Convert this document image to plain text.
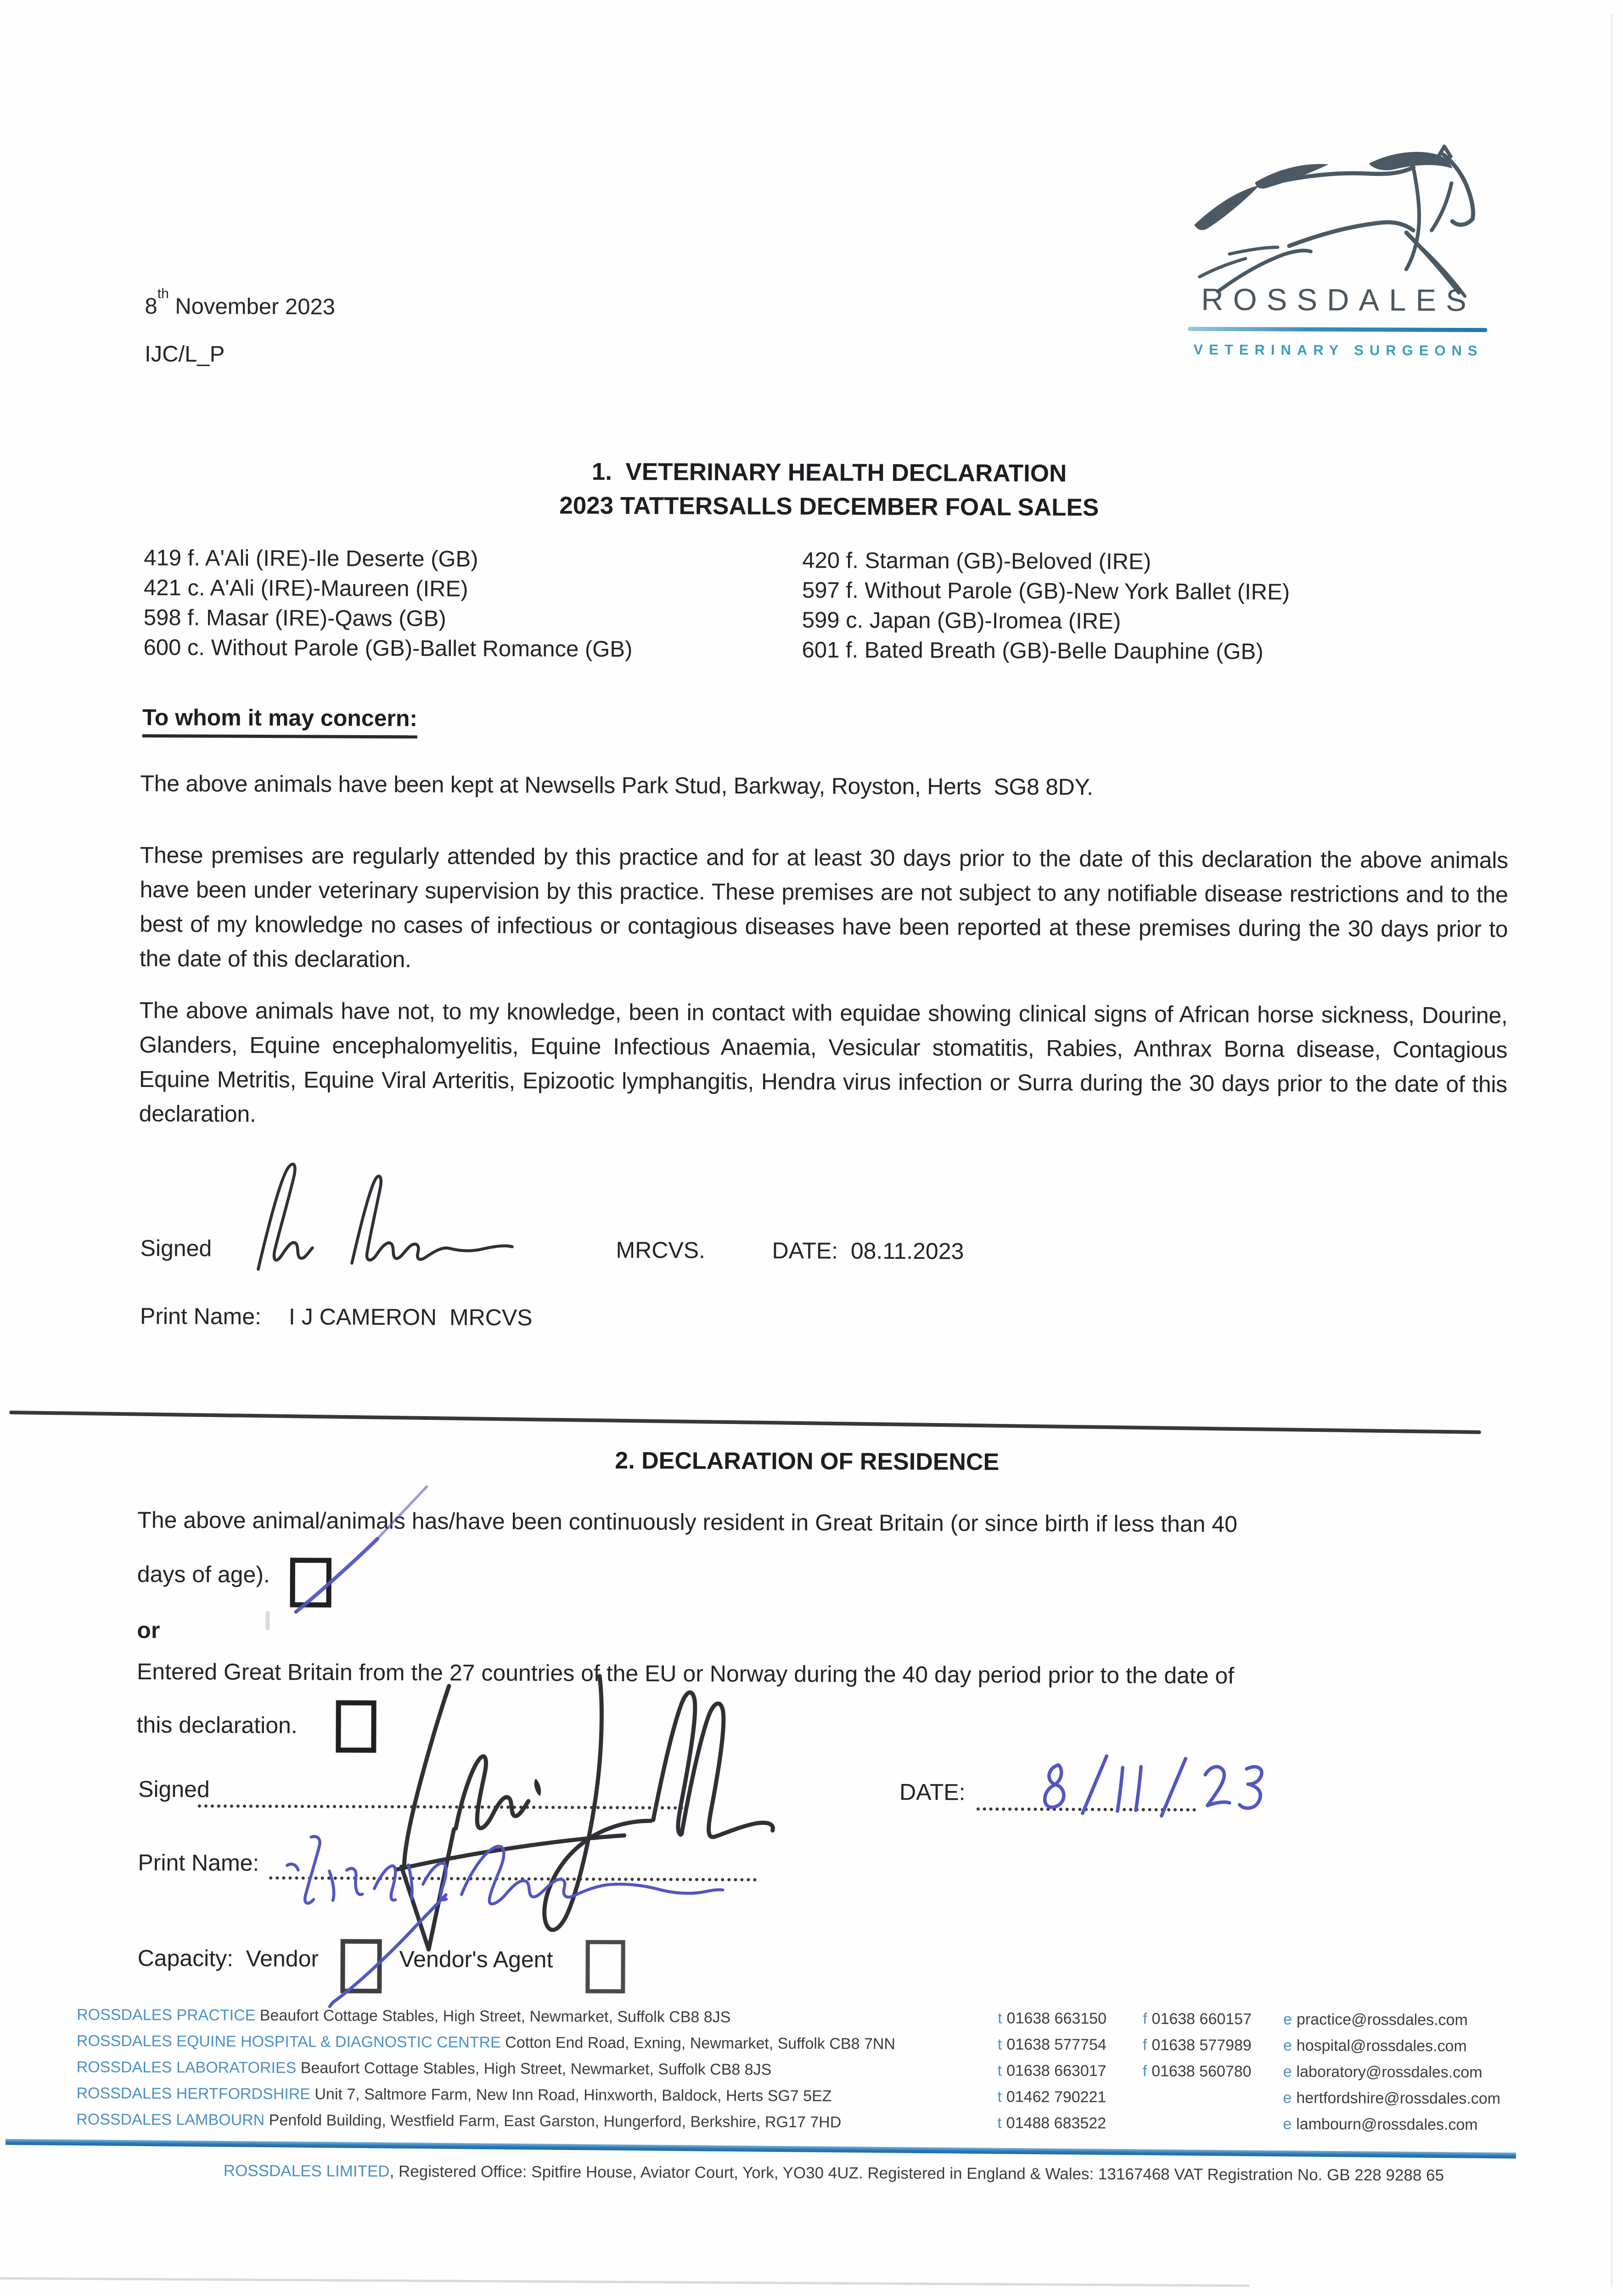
8th November 2023
IJC/L_P
ROSSDALES
VETERINARY SURGEONS
1.  VETERINARY HEALTH DECLARATION
2023 TATTERSALLS DECEMBER FOAL SALES
419 f. A'Ali (IRE)-Ile Deserte (GB)
421 c. A'Ali (IRE)-Maureen (IRE)
598 f. Masar (IRE)-Qaws (GB)
600 c. Without Parole (GB)-Ballet Romance (GB)
420 f. Starman (GB)-Beloved (IRE)
597 f. Without Parole (GB)-New York Ballet (IRE)
599 c. Japan (GB)-Iromea (IRE)
601 f. Bated Breath (GB)-Belle Dauphine (GB)
To whom it may concern:
The above animals have been kept at Newsells Park Stud, Barkway, Royston, Herts  SG8 8DY.
These premises are regularly attended by this practice and for at least 30 days prior to the date of this declaration the above animals have been under veterinary supervision by this practice. These premises are not subject to any notifiable disease restrictions and to the best of my knowledge no cases of infectious or contagious diseases have been reported at these premises during the 30 days prior to the date of this declaration.
The above animals have not, to my knowledge, been in contact with equidae showing clinical signs of African horse sickness, Dourine, Glanders, Equine encephalomyelitis, Equine Infectious Anaemia, Vesicular stomatitis, Rabies, Anthrax Borna disease, Contagious Equine Metritis, Equine Viral Arteritis, Epizootic lymphangitis, Hendra virus infection or Surra during the 30 days prior to the date of this declaration.
Signed	MRCVS.	DATE: 08.11.2023
Print Name: I J CAMERON  MRCVS
2. DECLARATION OF RESIDENCE
The above animal/animals has/have been continuously resident in Great Britain (or since birth if less than 40
days of age).
or
Entered Great Britain from the 27 countries of the EU or Norway during the 40 day period prior to the date of
this declaration.
Signed	DATE:
Print Name:
Capacity: Vendor	Vendor's Agent
ROSSDALES PRACTICE Beaufort Cottage Stables, High Street, Newmarket, Suffolk CB8 8JS	t 01638 663150 f 01638 660157 e practice@rossdales.com
ROSSDALES EQUINE HOSPITAL & DIAGNOSTIC CENTRE Cotton End Road, Exning, Newmarket, Suffolk CB8 7NN	t 01638 577754 f 01638 577989 e hospital@rossdales.com
ROSSDALES LABORATORIES Beaufort Cottage Stables, High Street, Newmarket, Suffolk CB8 8JS	t 01638 663017 f 01638 560780 e laboratory@rossdales.com
ROSSDALES HERTFORDSHIRE Unit 7, Saltmore Farm, New Inn Road, Hinxworth, Baldock, Herts SG7 5EZ	t 01462 790221	e hertfordshire@rossdales.com
ROSSDALES LAMBOURN Penfold Building, Westfield Farm, East Garston, Hungerford, Berkshire, RG17 7HD	t 01488 683522	e lambourn@rossdales.com
ROSSDALES LIMITED, Registered Office: Spitfire House, Aviator Court, York, YO30 4UZ. Registered in England & Wales: 13167468 VAT Registration No. GB 228 9288 65
